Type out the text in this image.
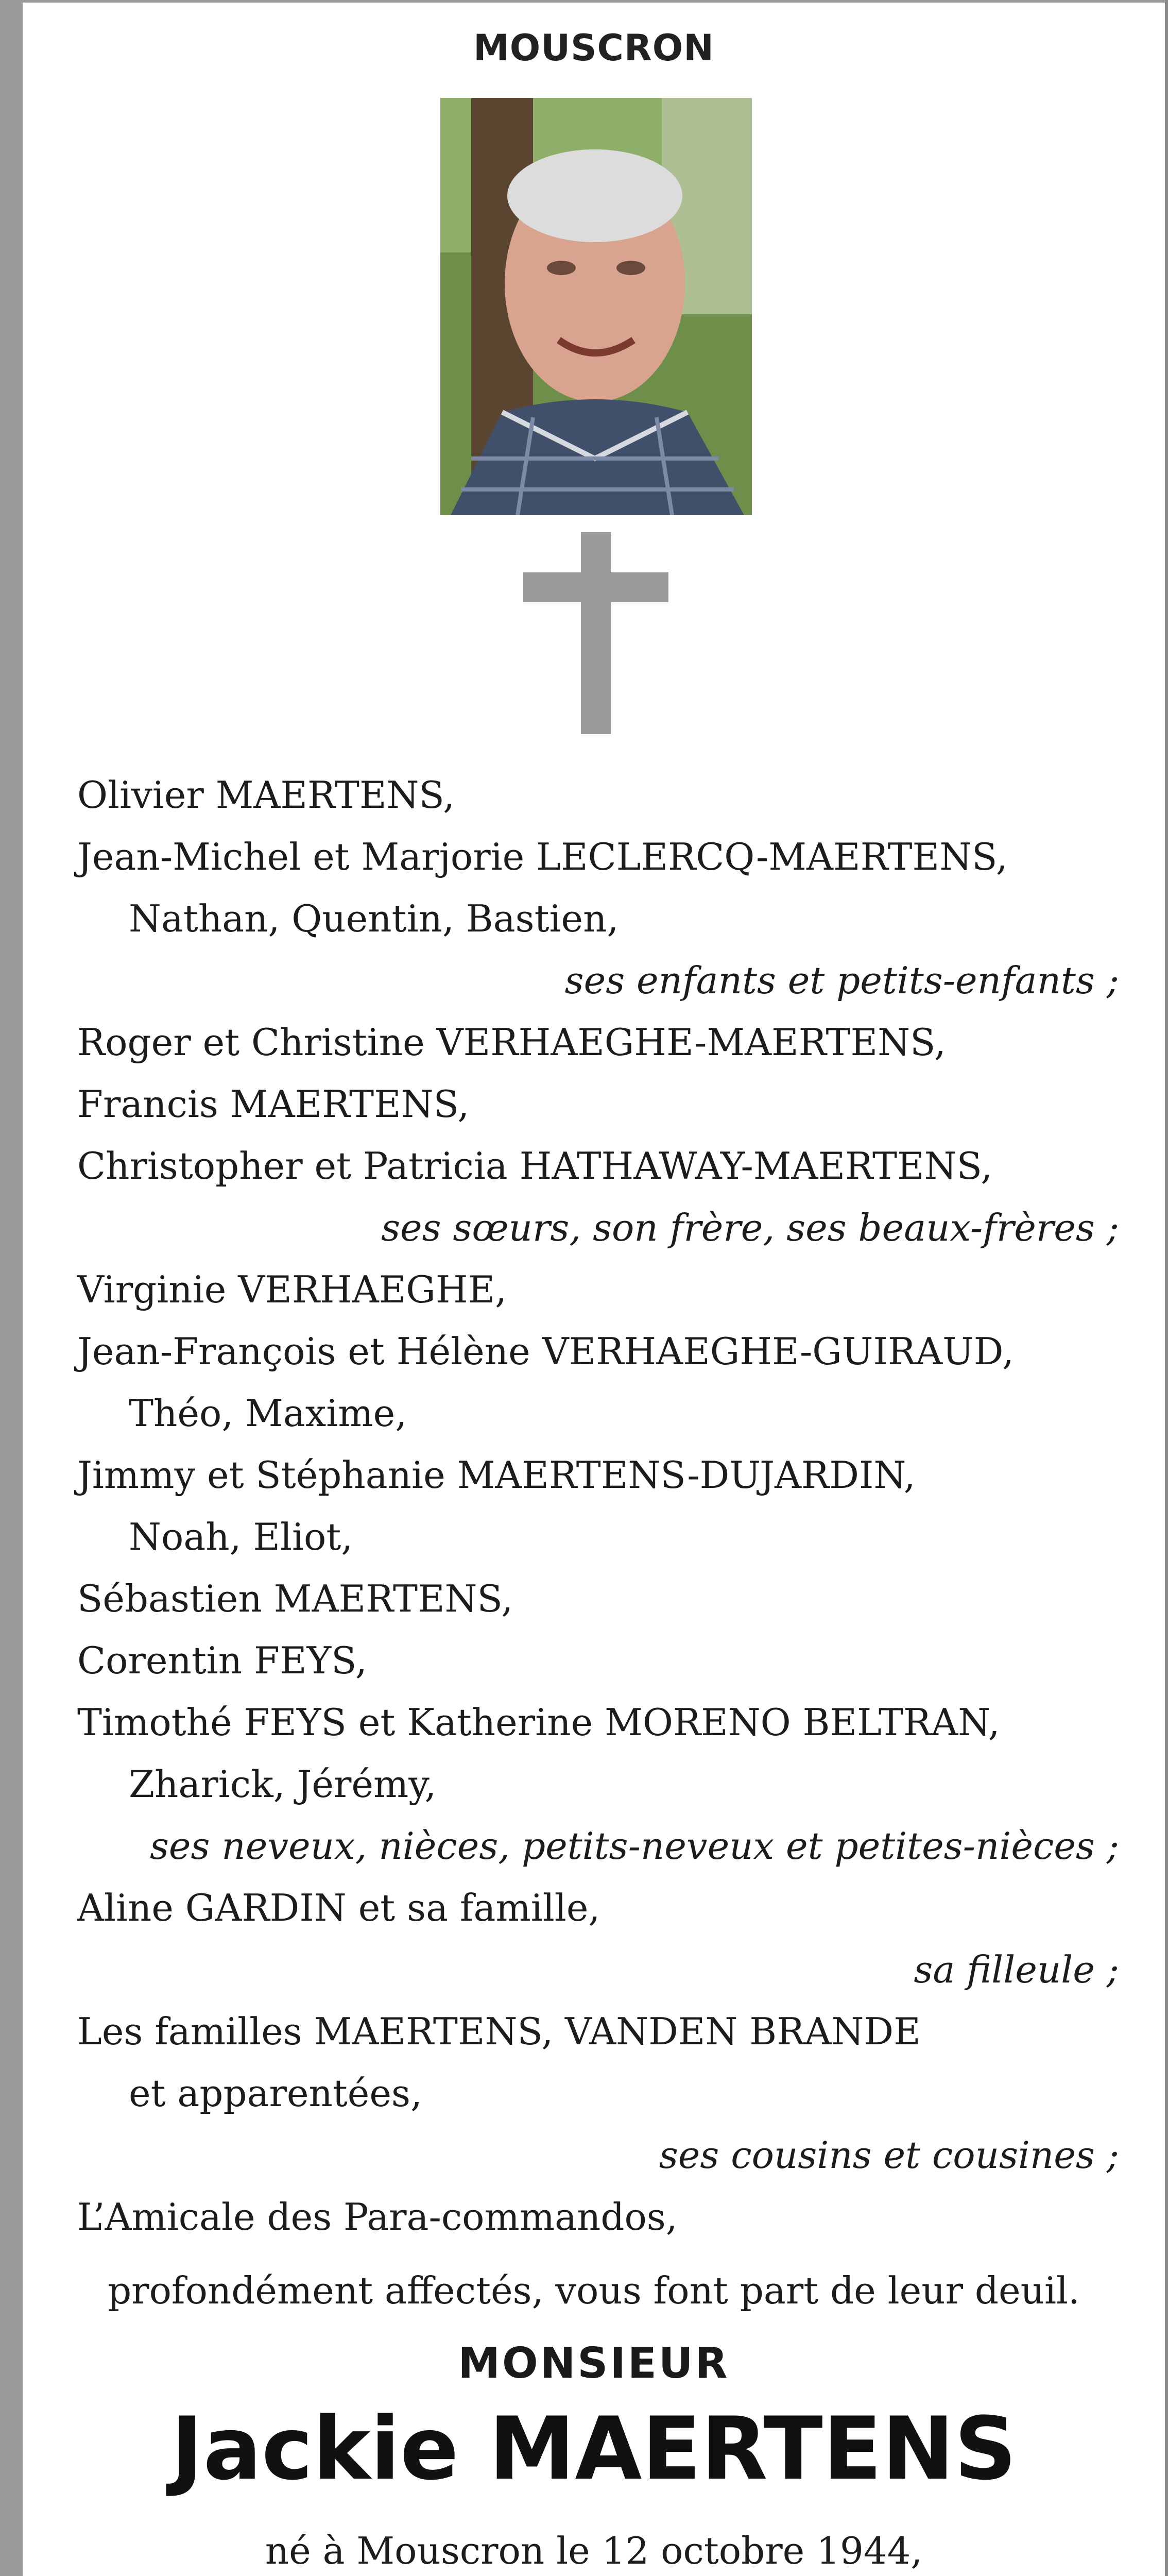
MOUSCRON
Olivier MAERTENS,
Jean-Michel et Marjorie LECLERCQ-MAERTENS,
Nathan, Quentin, Bastien,
ses enfants et petits-enfants ;
Roger et Christine VERHAEGHE-MAERTENS,
Francis MAERTENS,
Christopher et Patricia HATHAWAY-MAERTENS,
ses sœurs, son frère, ses beaux-frères ;
Virginie VERHAEGHE,
Jean-François et Hélène VERHAEGHE-GUIRAUD,
Théo, Maxime,
Jimmy et Stéphanie MAERTENS-DUJARDIN,
Noah, Eliot,
Sébastien MAERTENS,
Corentin FEYS,
Timothé FEYS et Katherine MORENO BELTRAN,
Zharick, Jérémy,
ses neveux, nièces, petits-neveux et petites-nièces ;
Aline GARDIN et sa famille,
sa filleule ;
Les familles MAERTENS, VANDEN BRANDE
et apparentées,
ses cousins et cousines ;
L’Amicale des Para-commandos,
profondément affectés, vous font part de leur deuil.
MONSIEUR
Jackie MAERTENS
né à Mouscron le 12 octobre 1944,
